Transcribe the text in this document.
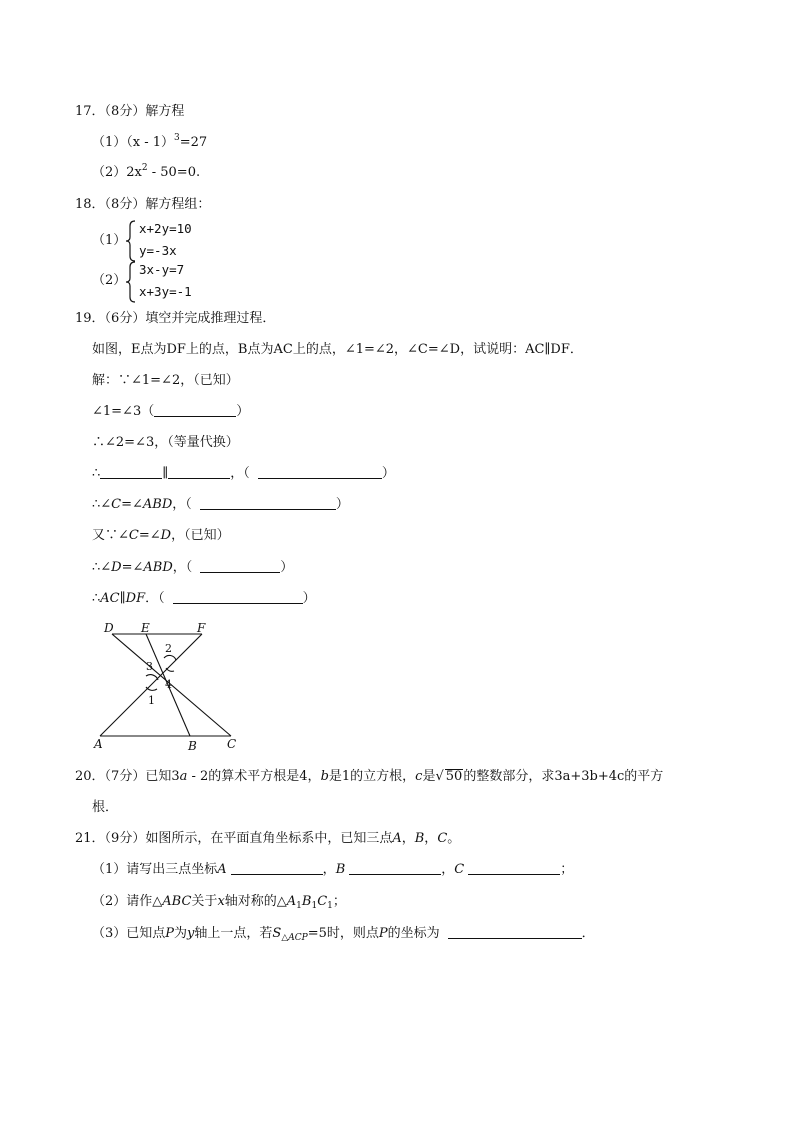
17．（8分）解方程
（1）（x - 1）$^3$=27
$(2)2x^2 - 50=0$.
18．（8分）解方程组：
（1）
x+2y=10
y=-3x
（2）
3x-y=7
x+3y=-1
19．（6分）填空并完成推理过程．
如图，E点为DF上的点，B点为AC上的点，∠1=∠2，∠C=∠D，试说明：AC∥DF．
解：∵∠1=∠2，（已知）
∠1=∠3（	）
∴∠2=∠3，（等量代换）
∴	∥	，（	）
∴∠C=∠ABD，（	）
又∵∠C=∠D，（已知）
∴∠D=∠ABD，（	）
∴AC∥DF．（	）
D E	F
A	B	C
2
3
4
1
20．（7分）已知3a - 2的算术平方根是4，b是1的立方根，c是√ 50的整数部分，求3a+3b+4c的平方
根．
21．（9分）如图所示，在平面直角坐标系中，已知三点A，B，C。
（1）请写出三点坐标A	，B	，C	；
（2）请作△ABC关于x轴对称的$\triangle A_1B_1C_1$；
（3）已知点P为y轴上一点，若$S_{\triangle ACP}=5$时，则点P的坐标为	．
